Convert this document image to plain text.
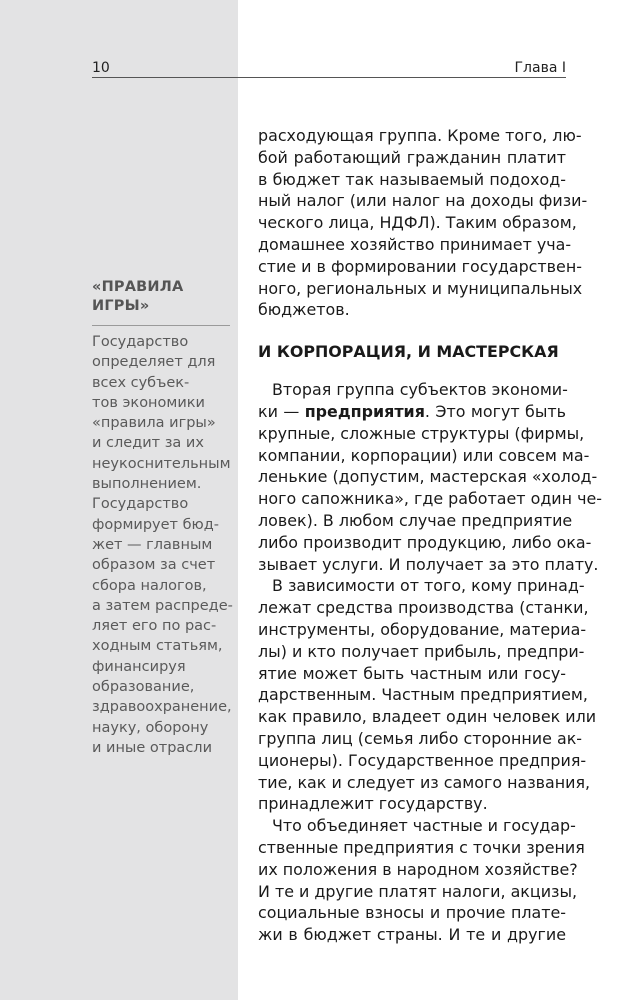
10	Глава I
«ПРАВИЛА
ИГРЫ»
Государство
определяет для
всех субъек-
тов экономики
«правила игры»
и следит за их
неукоснительным
выполнением.
Государство
формирует бюд-
жет — главным
образом за счет
сбора налогов,
а затем распреде-
ляет его по рас-
ходным статьям,
финансируя
образование,
здравоохранение,
науку, оборону
и иные отрасли
расходующая группа. Кроме того, лю-
бой работающий гражданин платит
в бюджет так называемый подоход-
ный налог (или налог на доходы физи-
ческого лица, НДФЛ). Таким образом,
домашнее хозяйство принимает уча-
стие и в формировании государствен-
ного, региональных и муниципальных
бюджетов.
И КОРПОРАЦИЯ, И МАСТЕРСКАЯ
Вторая группа субъектов экономи-
ки — предприятия. Это могут быть
крупные, сложные структуры (фирмы,
компании, корпорации) или совсем ма-
ленькие (допустим, мастерская «холод-
ного сапожника», где работает один че-
ловек). В любом случае предприятие
либо производит продукцию, либо ока-
зывает услуги. И получает за это плату.
В зависимости от того, кому принад-
лежат средства производства (станки,
инструменты, оборудование, материа-
лы) и кто получает прибыль, предпри-
ятие может быть частным или госу-
дарственным. Частным предприятием,
как правило, владеет один человек или
группа лиц (семья либо сторонние ак-
ционеры). Государственное предприя-
тие, как и следует из самого названия,
принадлежит государству.
Что объединяет частные и государ-
ственные предприятия с точки зрения
их положения в народном хозяйстве?
И те и другие платят налоги, акцизы,
социальные взносы и прочие плате-
жи в бюджет страны. И те и другие
